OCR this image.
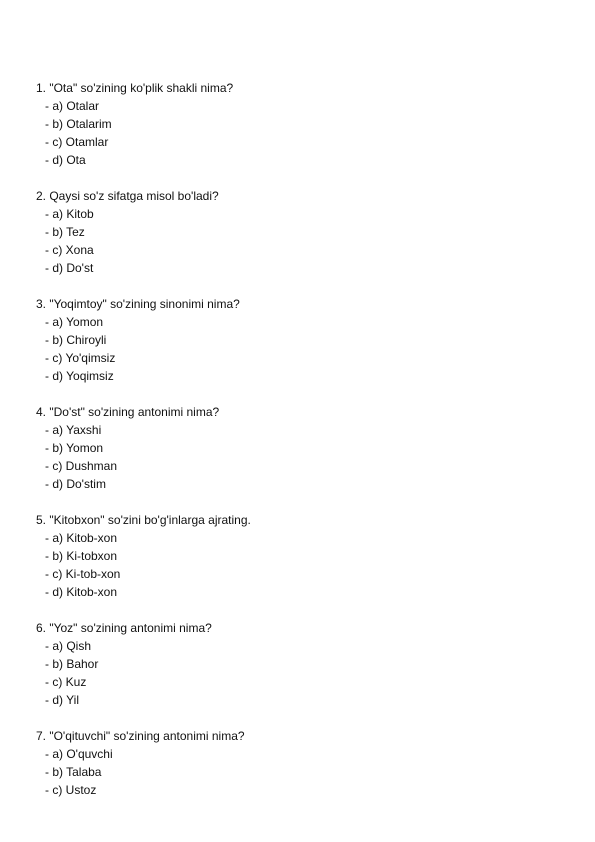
1. "Ota" so'zining ko'plik shakli nima?
- a) Otalar
- b) Otalarim
- c) Otamlar
- d) Ota
2. Qaysi so'z sifatga misol bo'ladi?
- a) Kitob
- b) Tez
- c) Xona
- d) Do'st
3. "Yoqimtoy" so'zining sinonimi nima?
- a) Yomon
- b) Chiroyli
- c) Yo'qimsiz
- d) Yoqimsiz
4. "Do'st" so'zining antonimi nima?
- a) Yaxshi
- b) Yomon
- c) Dushman
- d) Do'stim
5. "Kitobxon" so'zini bo'g'inlarga ajrating.
- a) Kitob-xon
- b) Ki-tobxon
- c) Ki-tob-xon
- d) Kitob-xon
6. "Yoz" so'zining antonimi nima?
- a) Qish
- b) Bahor
- c) Kuz
- d) Yil
7. "O'qituvchi" so'zining antonimi nima?
- a) O'quvchi
- b) Talaba
- c) Ustoz
